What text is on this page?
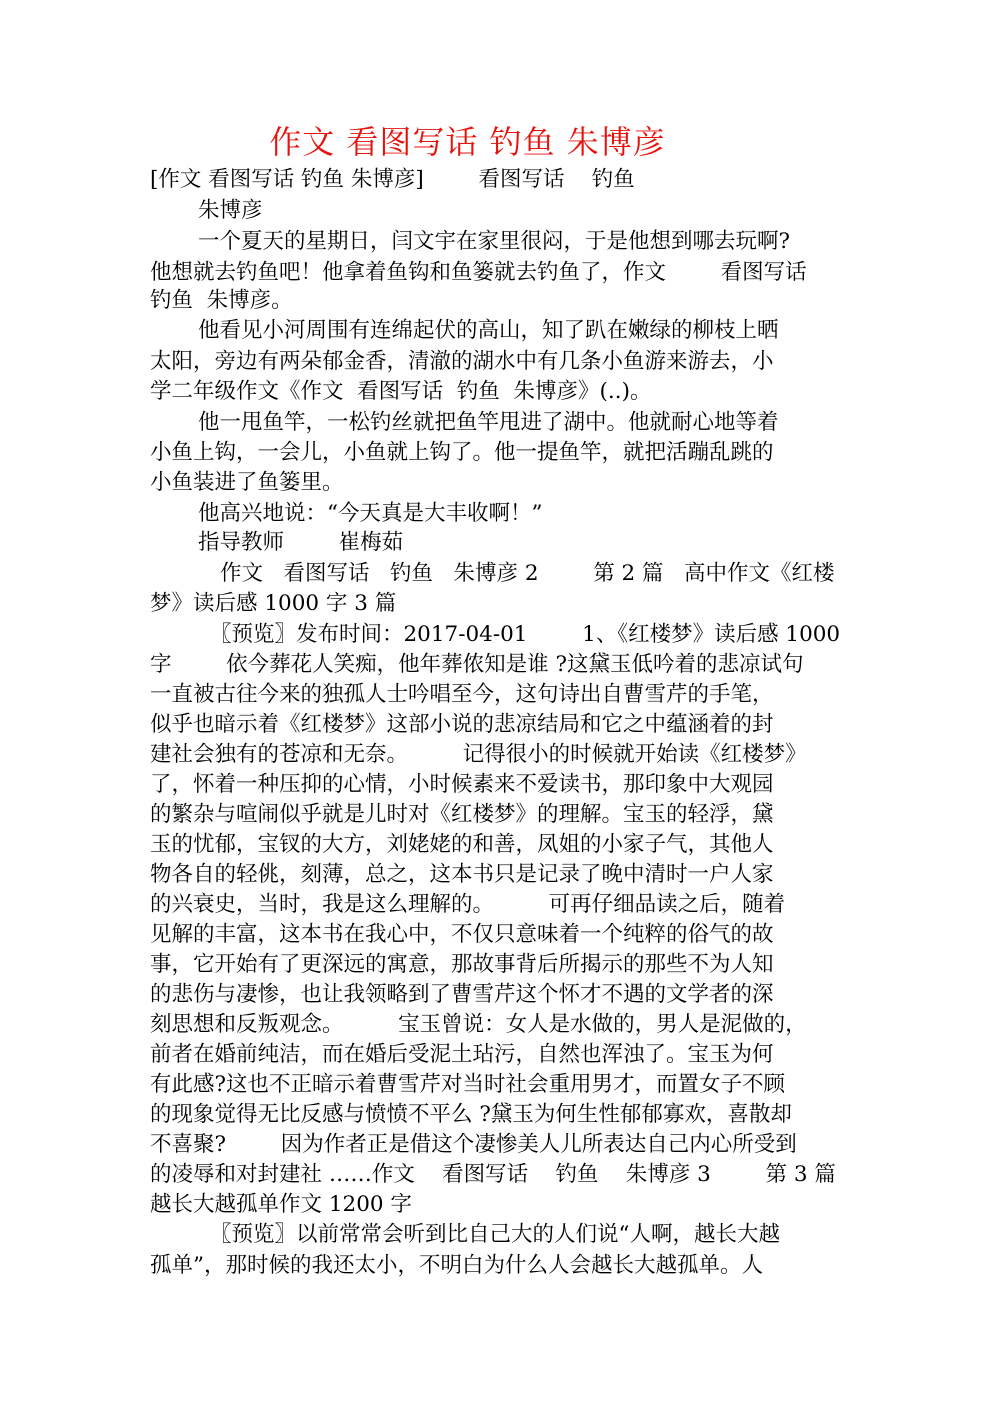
作文 看图写话 钓鱼 朱博彦
[作文 看图写话 钓鱼 朱博彦]        看图写话    钓鱼
朱博彦
一个夏天的星期日，闫文宇在家里很闷，于是他想到哪去玩啊?
他想就去钓鱼吧！他拿着鱼钩和鱼篓就去钓鱼了，作文        看图写话
钓鱼  朱博彦。
他看见小河周围有连绵起伏的高山，知了趴在嫩绿的柳枝上晒
太阳，旁边有两朵郁金香，清澈的湖水中有几条小鱼游来游去，小
学二年级作文《作文  看图写话  钓鱼  朱博彦》(..)。
他一甩鱼竿，一松钓丝就把鱼竿甩进了湖中。他就耐心地等着
小鱼上钩，一会儿，小鱼就上钩了。他一提鱼竿，就把活蹦乱跳的
小鱼装进了鱼篓里。
他高兴地说：“今天真是大丰收啊！”
指导教师        崔梅茹
作文   看图写话   钓鱼   朱博彦 2        第 2 篇   高中作文《红楼
梦》读后感 1000 字 3 篇
〖预览〗发布时间：2017-04-01        1、《红楼梦》读后感 1000
字        依今葬花人笑痴，他年葬侬知是谁 ?这黛玉低吟着的悲凉试句
一直被古往今来的独孤人士吟唱至今，这句诗出自曹雪芹的手笔，
似乎也暗示着《红楼梦》这部小说的悲凉结局和它之中蕴涵着的封
建社会独有的苍凉和无奈。        记得很小的时候就开始读《红楼梦》
了，怀着一种压抑的心情，小时候素来不爱读书，那印象中大观园
的繁杂与喧闹似乎就是儿时对《红楼梦》的理解。宝玉的轻浮，黛
玉的忧郁，宝钗的大方，刘姥姥的和善，凤姐的小家子气，其他人
物各自的轻佻，刻薄，总之，这本书只是记录了晚中清时一户人家
的兴衰史，当时，我是这么理解的。        可再仔细品读之后，随着
见解的丰富，这本书在我心中，不仅只意味着一个纯粹的俗气的故
事，它开始有了更深远的寓意，那故事背后所揭示的那些不为人知
的悲伤与凄惨，也让我领略到了曹雪芹这个怀才不遇的文学者的深
刻思想和反叛观念。        宝玉曾说：女人是水做的，男人是泥做的，
前者在婚前纯洁，而在婚后受泥土玷污，自然也浑浊了。宝玉为何
有此感?这也不正暗示着曹雪芹对当时社会重用男才，而置女子不顾
的现象觉得无比反感与愤愤不平么 ?黛玉为何生性郁郁寡欢，喜散却
不喜聚?        因为作者正是借这个凄惨美人儿所表达自己内心所受到
的凌辱和对封建社 ……作文    看图写话    钓鱼    朱博彦 3        第 3 篇
越长大越孤单作文 1200 字
〖预览〗以前常常会听到比自己大的人们说“人啊，越长大越
孤单”，那时候的我还太小，不明白为什么人会越长大越孤单。人
